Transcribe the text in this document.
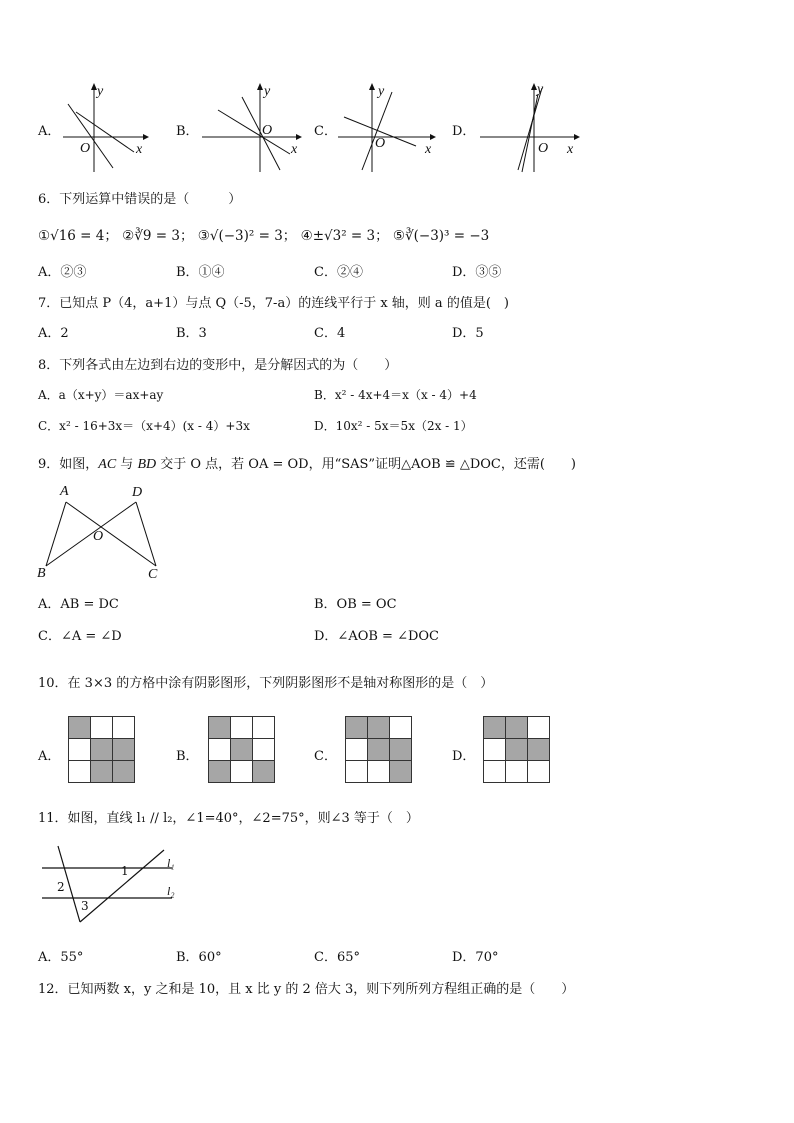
A．
y
O	x
B．
y
O
x
C．
y
O	x
D．
y
O x
6．下列运算中错误的是（　　　）
①√16 = 4； ②∛9 = 3； ③√(−3)² = 3； ④±√3² = 3； ⑤∛(−3)³ = −3
A．②③	B．①④	C．②④	D．③⑤
7．已知点 P（4，a+1）与点 Q（-5，7-a）的连线平行于 x 轴，则 a 的值是(　)
A．2	B．3	C．4	D．5
8．下列各式由左边到右边的变形中，是分解因式的为（　　）
A．a（x+y）＝ax+ay	B．x² - 4x+4＝x（x - 4）+4
C．x² - 16+3x＝（x+4）(x - 4）+3x	D．10x² - 5x＝5x（2x - 1）
9．如图，AC 与 BD 交于 O 点，若 OA = OD，用“SAS”证明△AOB ≌ △DOC，还需(　　)
A	D
O
B	C
A．AB = DC	B．OB = OC
C．∠A = ∠D	D．∠AOB = ∠DOC
10．在 3×3 的方格中涂有阴影图形，下列阴影图形不是轴对称图形的是（　）
A．

			B．

			C．

			D．

11．如图，直线 l₁ // l₂，∠1=40°，∠2=75°，则∠3 等于（　）
1
2
3
l₁
l₂
A．55°	B．60°	C．65°	D．70°
12．已知两数 x，y 之和是 10，且 x 比 y 的 2 倍大 3，则下列所列方程组正确的是（　　）
